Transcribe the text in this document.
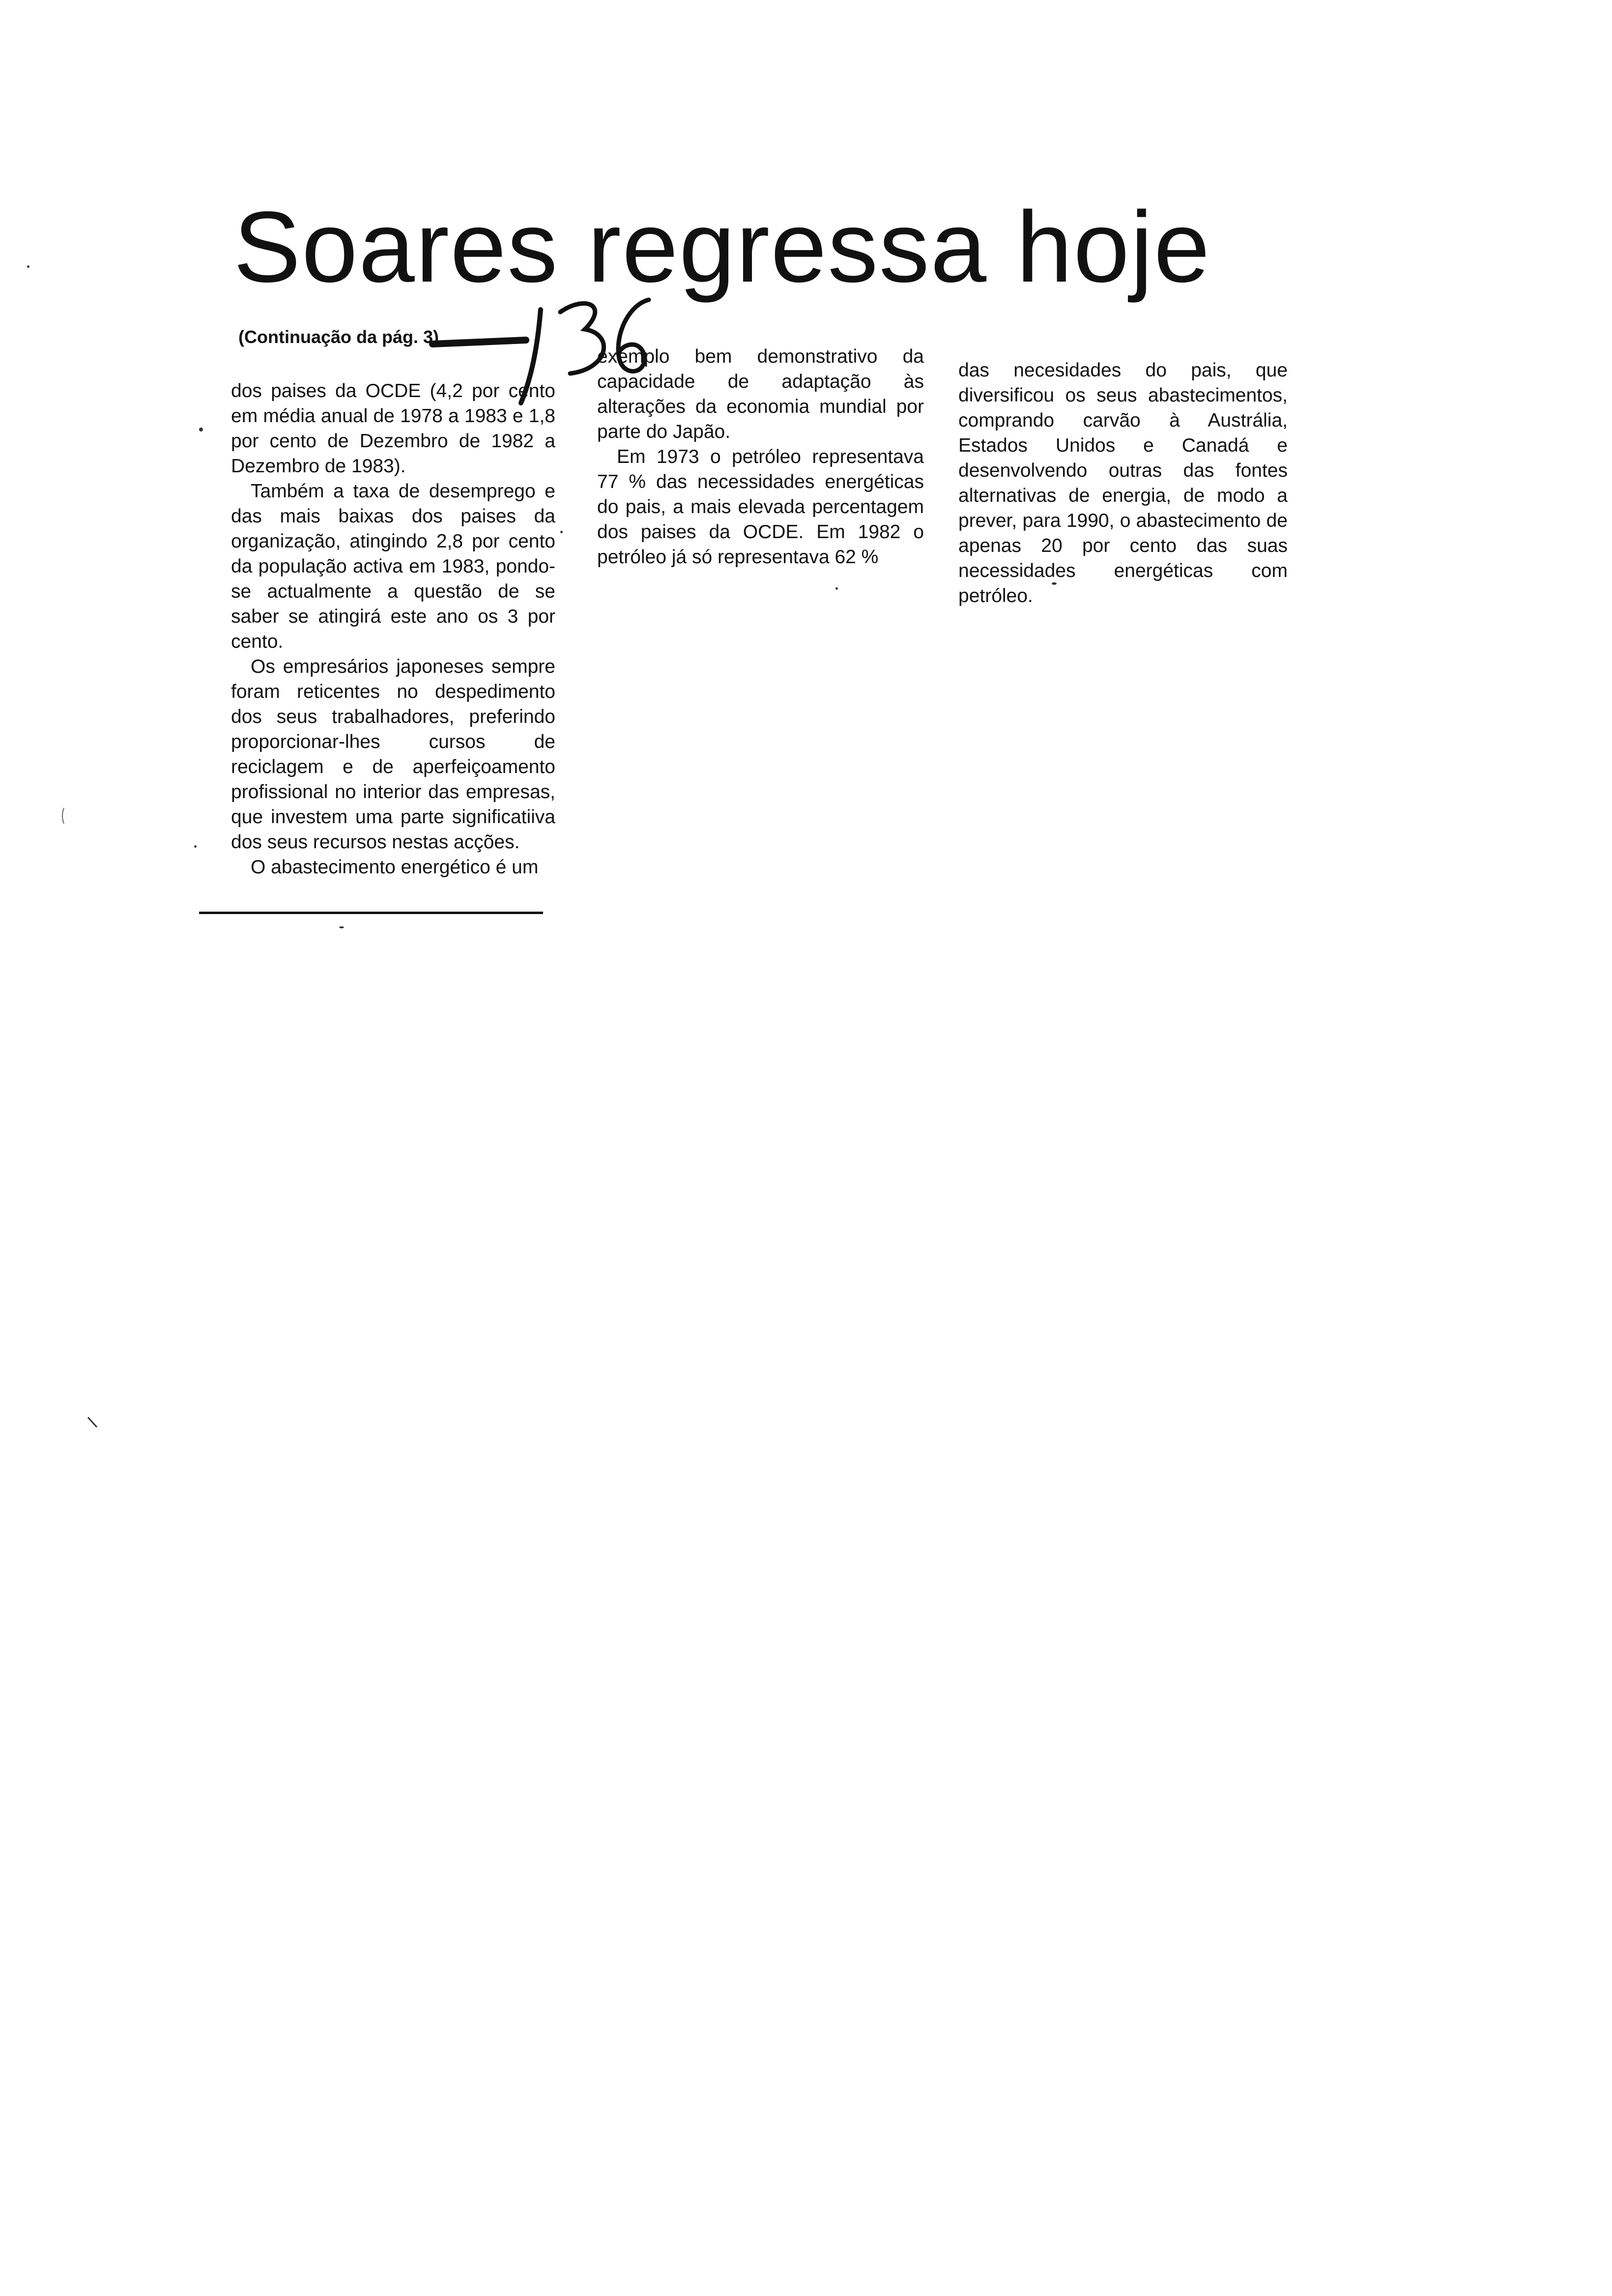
Soares regressa hoje
(Continuação da pág. 3)

dos paises da OCDE (4,2 por cento em média anual de 1978 a 1983 e 1,8 por cento de Dezembro de 1982 a Dezembro de 1983).

Também a taxa de desemprego e das mais baixas dos paises da organização, atingindo 2,8 por cento da população activa em 1983, pondo-se actualmente a questão de se saber se atingirá este ano os 3 por cento.

Os empresários japoneses sempre foram reticentes no despedimento dos seus trabalhadores, preferindo proporcionar-lhes cursos de reciclagem e de aperfeiçoamento profissional no interior das empresas, que investem uma parte significatiiva dos seus recursos nestas acções.

O abastecimento energético é um

exemplo bem demonstrativo da capacidade de adaptação às alterações da economia mundial por parte do Japão.

Em 1973 o petróleo representava 77 % das necessidades energéticas do pais, a mais elevada percentagem dos paises da OCDE. Em 1982 o petróleo já só representava 62 %

das necesidades do pais, que diversificou os seus abastecimentos, comprando carvão à Austrália, Estados Unidos e Canadá e desenvolvendo outras das fontes alternativas de energia, de modo a prever, para 1990, o abastecimento de apenas 20 por cento das suas necessidades energéticas com petróleo.
